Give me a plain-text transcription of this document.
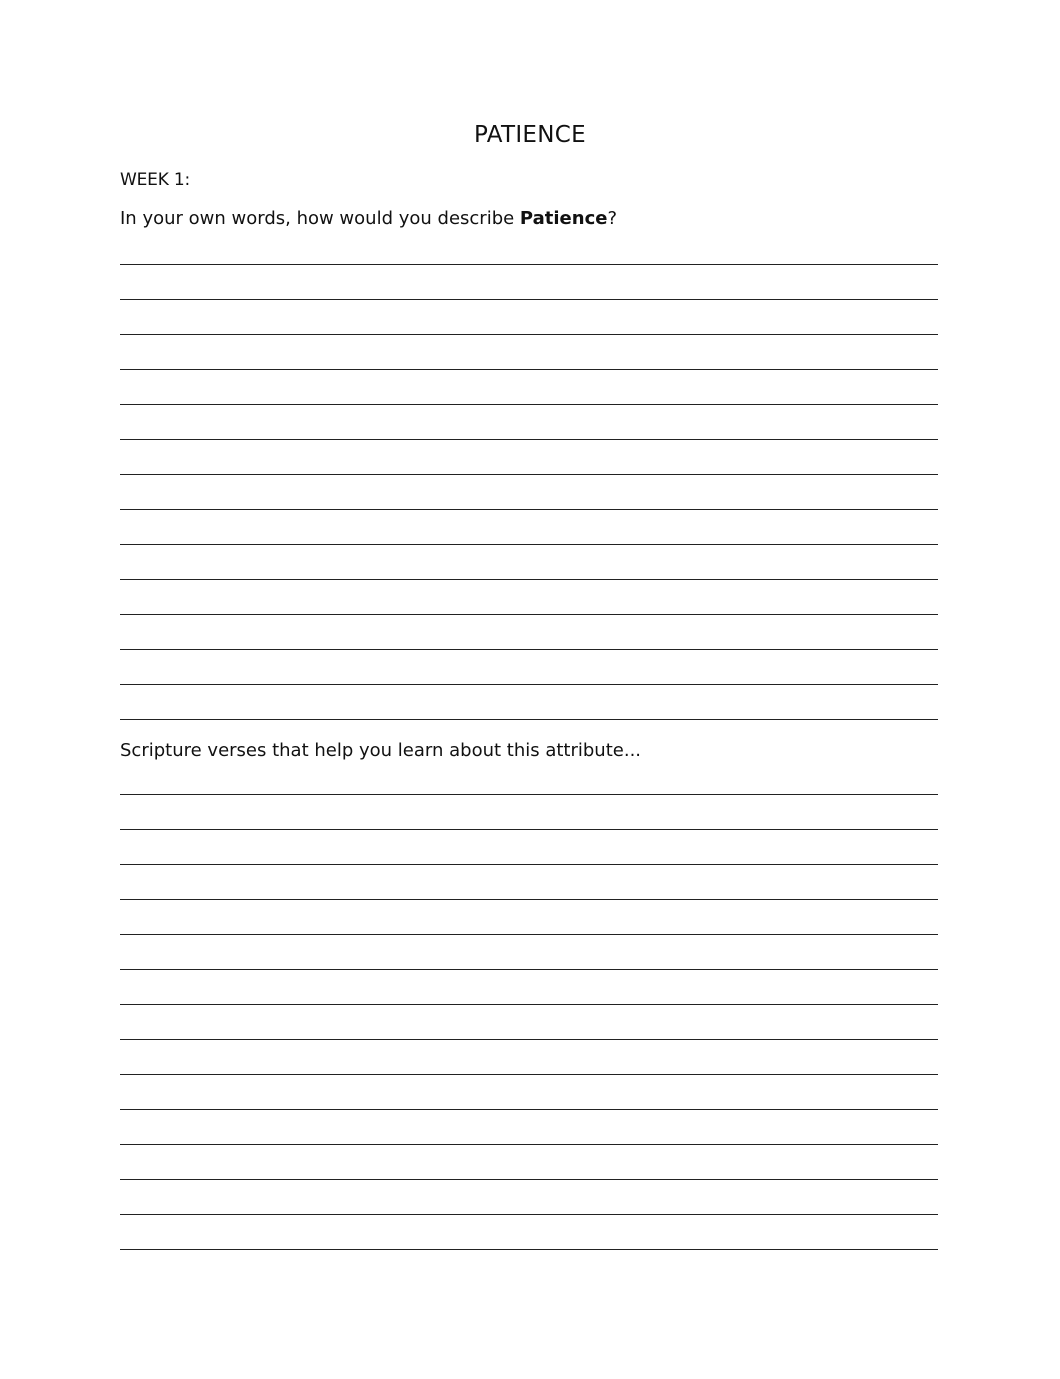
PATIENCE

WEEK 1:

In your own words, how would you describe Patience?

Scripture verses that help you learn about this attribute...
